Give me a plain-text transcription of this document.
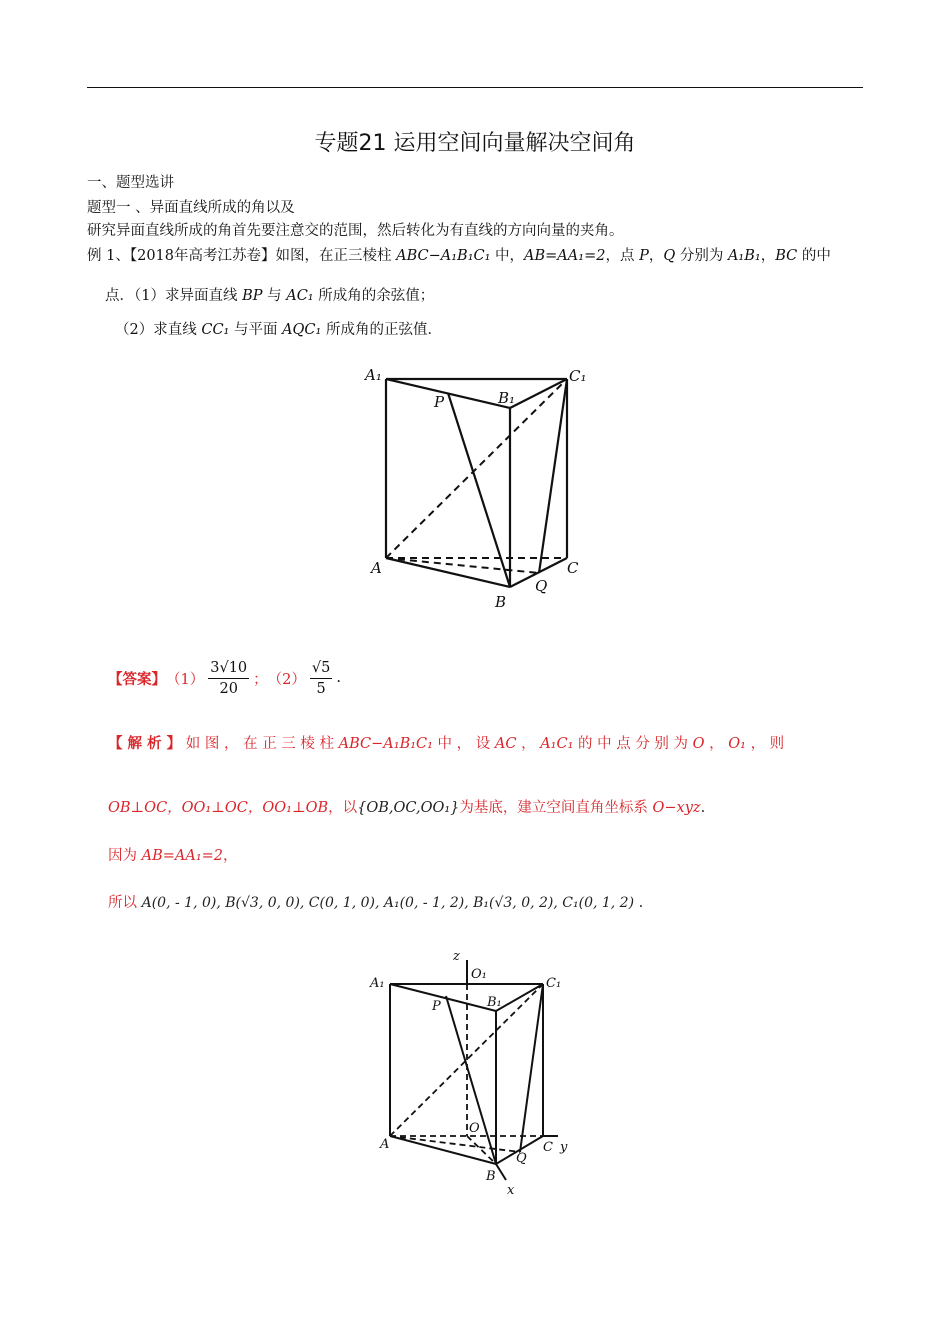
专题21 运用空间向量解决空间角
一、题型选讲
题型一 、异面直线所成的角以及
研究异面直线所成的角首先要注意交的范围，然后转化为有直线的方向向量的夹角。
例 1、【2018年高考江苏卷】如图，在正三棱柱 ABC−A₁B₁C₁ 中，AB=AA₁=2，点 P，Q 分别为 A₁B₁，BC 的中
点．（1）求异面直线 BP 与 AC₁ 所成角的余弦值；
（2）求直线 CC₁ 与平面 AQC₁ 所成角的正弦值．
A₁	C₁
B₁
P
A	C
Q
B
【答案】 $(1) \frac{3√10}{20}$ ； $(2) \frac{√5}{5}$ .
【 解 析 】 如 图 ， 在 正 三 棱 柱 ABC−A₁B₁C₁ 中 ， 设 AC ， A₁C₁ 的 中 点 分 别 为 O ， O₁ ， 则
OB⊥OC，OO₁⊥OC，OO₁⊥OB，以{OB,OC,OO₁}为基底，建立空间直角坐标系 O−xyz.
因为 AB=AA₁=2，
所以 A(0, - 1, 0), B(√3, 0, 0), C(0, 1, 0), A₁(0, - 1, 2), B₁(√3, 0, 2), C₁(0, 1, 2) .
z
O₁
A₁	C₁
B₁
P
O
A	C y
Q
B
x
